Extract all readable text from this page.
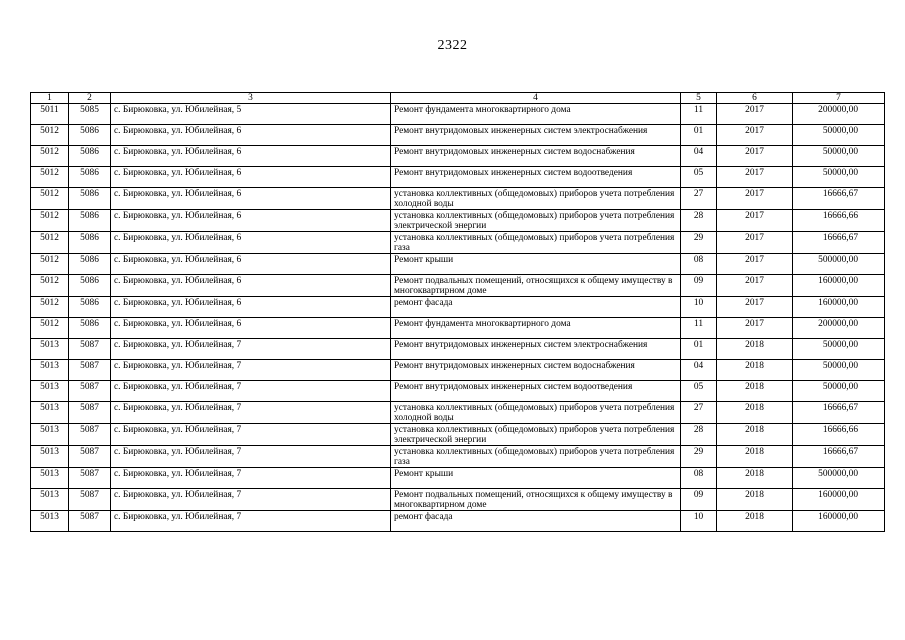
2322
1	2	3	4	5	6	7
5011	5085	с. Бирюковка, ул. Юбилейная, 5	Ремонт фундамента многоквартирного дома	11	2017	200000,00
5012	5086	с. Бирюковка, ул. Юбилейная, 6	Ремонт внутридомовых инженерных систем электроснабжения	01	2017	50000,00
5012	5086	с. Бирюковка, ул. Юбилейная, 6	Ремонт внутридомовых инженерных систем водоснабжения	04	2017	50000,00
5012	5086	с. Бирюковка, ул. Юбилейная, 6	Ремонт внутридомовых инженерных систем водоотведения	05	2017	50000,00
5012	5086	с. Бирюковка, ул. Юбилейная, 6	установка коллективных (общедомовых) приборов учета потребления холодной воды	27	2017	16666,67
5012	5086	с. Бирюковка, ул. Юбилейная, 6	установка коллективных (общедомовых) приборов учета потребления электрической энергии	28	2017	16666,66
5012	5086	с. Бирюковка, ул. Юбилейная, 6	установка коллективных (общедомовых) приборов учета потребления газа	29	2017	16666,67
5012	5086	с. Бирюковка, ул. Юбилейная, 6	Ремонт крыши	08	2017	500000,00
5012	5086	с. Бирюковка, ул. Юбилейная, 6	Ремонт подвальных помещений, относящихся к общему имуществу в многоквартирном доме	09	2017	160000,00
5012	5086	с. Бирюковка, ул. Юбилейная, 6	ремонт фасада	10	2017	160000,00
5012	5086	с. Бирюковка, ул. Юбилейная, 6	Ремонт фундамента многоквартирного дома	11	2017	200000,00
5013	5087	с. Бирюковка, ул. Юбилейная, 7	Ремонт внутридомовых инженерных систем электроснабжения	01	2018	50000,00
5013	5087	с. Бирюковка, ул. Юбилейная, 7	Ремонт внутридомовых инженерных систем водоснабжения	04	2018	50000,00
5013	5087	с. Бирюковка, ул. Юбилейная, 7	Ремонт внутридомовых инженерных систем водоотведения	05	2018	50000,00
5013	5087	с. Бирюковка, ул. Юбилейная, 7	установка коллективных (общедомовых) приборов учета потребления холодной воды	27	2018	16666,67
5013	5087	с. Бирюковка, ул. Юбилейная, 7	установка коллективных (общедомовых) приборов учета потребления электрической энергии	28	2018	16666,66
5013	5087	с. Бирюковка, ул. Юбилейная, 7	установка коллективных (общедомовых) приборов учета потребления газа	29	2018	16666,67
5013	5087	с. Бирюковка, ул. Юбилейная, 7	Ремонт крыши	08	2018	500000,00
5013	5087	с. Бирюковка, ул. Юбилейная, 7	Ремонт подвальных помещений, относящихся к общему имуществу в многоквартирном доме	09	2018	160000,00
5013	5087	с. Бирюковка, ул. Юбилейная, 7	ремонт фасада	10	2018	160000,00
